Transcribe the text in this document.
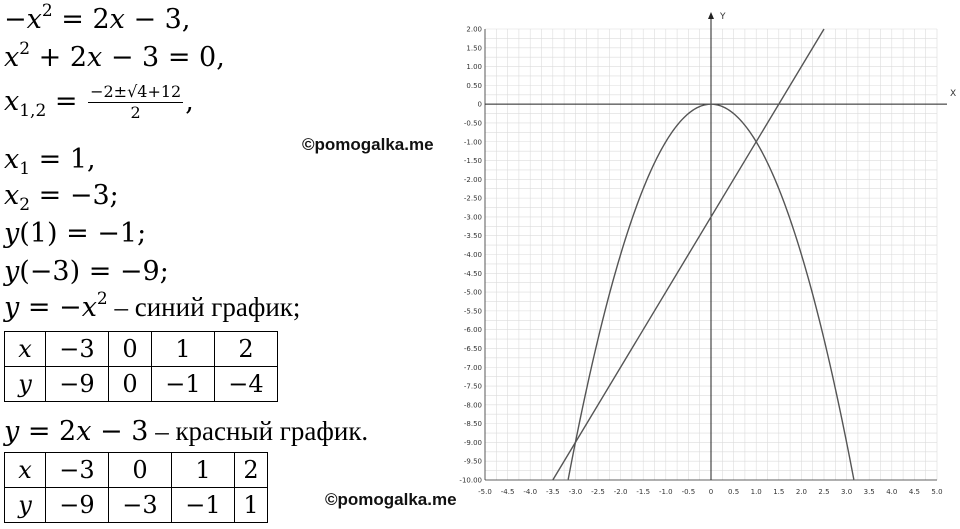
$-x^2 = 2x - 3$,
$x^2 + 2x - 3 = 0$,
$x_{1,2} = \frac{-2\pm√4+12}{2}$ ,
$x_1 = 1$,
$x_2 = -3$;
y(1) = −1;
y(−3) = −9;
$y = -x^2$ – синий график;
x	−3	0	1	2
y	−9	0	−1	−4
y = 2x − 3 – красный график.
x	−3	0	1	2
y	−9	−3	−1	1
©pomogalka.me
©pomogalka.me	-5.0 -4.5 -4.0 -3.5 -3.0 -2.5 -2.0 -1.5 -1.0 -0.5 0 0.5 1.0 1.5 2.0 2.5 3.0 3.5 4.0 4.5 5.0
2.00
1.50
1.00
0.50
0
-0.50
-1.00
-1.50
-2.00
-2.50
-3.00
-3.50
-4.00
-4.50
-5.00
-5.50
-6.00
-6.50
-7.00
-7.50
-8.00
-8.50
-9.00
-9.50
-10.00
X
Y
